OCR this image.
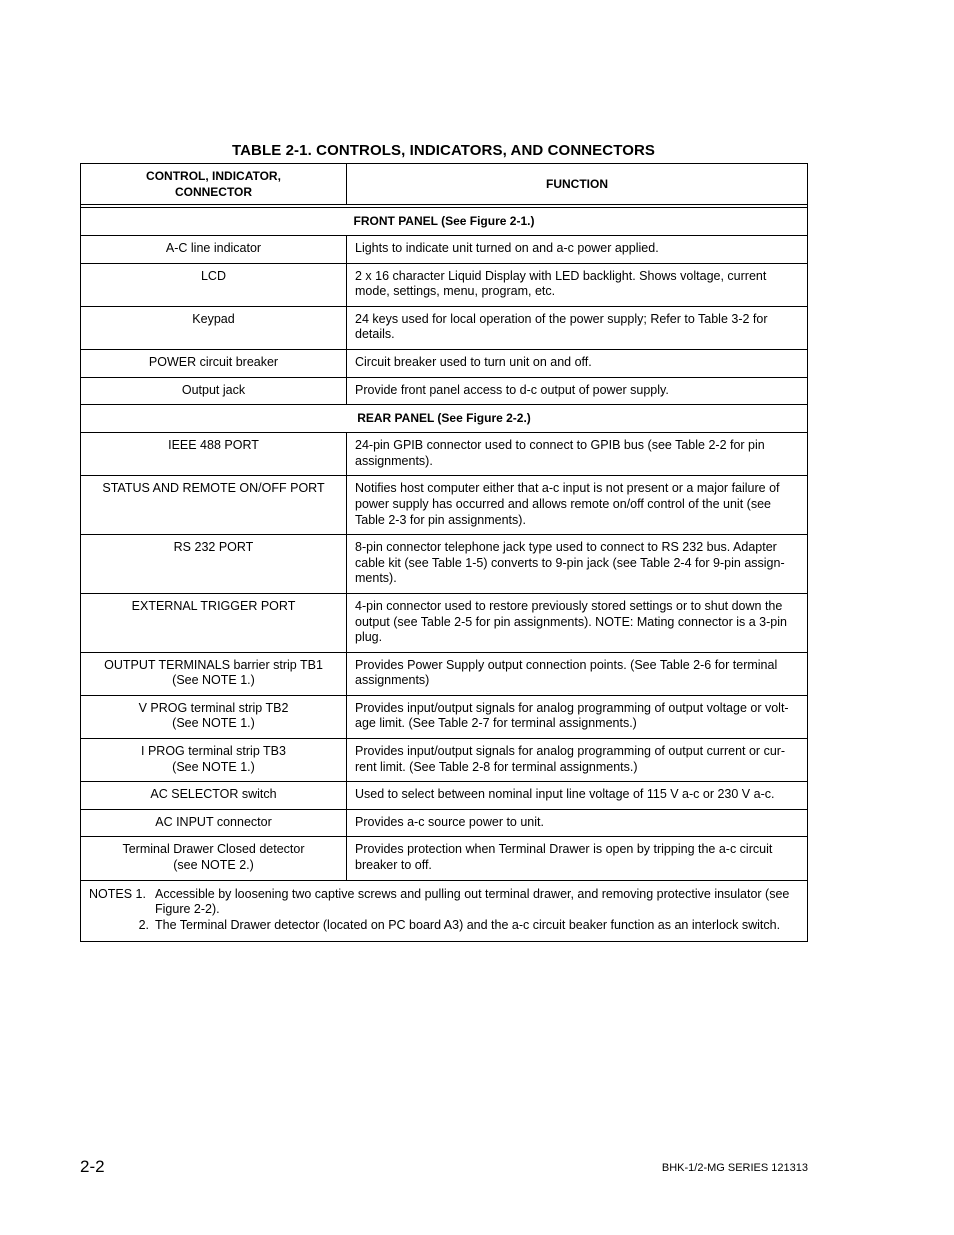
TABLE 2-1. CONTROLS, INDICATORS, AND CONNECTORS
CONTROL, INDICATOR,
CONNECTOR	FUNCTION

FRONT PANEL (See Figure 2-1.)	

A-C line indicator	Lights to indicate unit turned on and a-c power applied.

LCD	2 x 16 character Liquid Display with LED backlight. Shows voltage, current mode, settings, menu, program, etc.

Keypad	24 keys used for local operation of the power supply; Refer to Table 3-2 for details.

POWER circuit breaker	Circuit breaker used to turn unit on and off.

Output jack	Provide front panel access to d-c output of power supply.
REAR PANEL (See Figure 2-2.)	

IEEE 488 PORT	24-pin GPIB connector used to connect to GPIB bus (see Table 2-2 for pin assignments).

STATUS AND REMOTE ON/OFF PORT	Notifies host computer either that a-c input is not present or a major failure of power supply has occurred and allows remote on/off control of the unit (see Table 2-3 for pin assignments).

RS 232 PORT	8-pin connector telephone jack type used to connect to RS 232 bus. Adapter cable kit (see Table 1-5) converts to 9-pin jack (see Table 2-4 for 9-pin assign-ments).

EXTERNAL TRIGGER PORT	4-pin connector used to restore previously stored settings or to shut down the output (see Table 2-5 for pin assignments). NOTE: Mating connector is a 3-pin plug.

OUTPUT TERMINALS barrier strip TB1
(See NOTE 1.)	Provides Power Supply output connection points. (See Table 2-6 for terminal assignments)

V PROG terminal strip TB2
(See NOTE 1.)	Provides input/output signals for analog programming of output voltage or volt-age limit. (See Table 2-7 for terminal assignments.)

I PROG terminal strip TB3
(See NOTE 1.)	Provides input/output signals for analog programming of output current or cur-rent limit. (See Table 2-8 for terminal assignments.)

AC SELECTOR switch	Used to select between nominal input line voltage of 115 V a-c or 230 V a-c.

AC INPUT connector	Provides a-c source power to unit.

Terminal Drawer Closed detector
(see NOTE 2.)	Provides protection when Terminal Drawer is open by tripping the a-c circuit breaker to off.

NOTES 1. Accessible by loosening two captive screws and pulling out terminal drawer, and removing protective insulator (see Figure 2-2).
2. The Terminal Drawer detector (located on PC board A3) and the a-c circuit beaker function as an interlock switch.	
2-2	BHK-1/2-MG SERIES 121313
